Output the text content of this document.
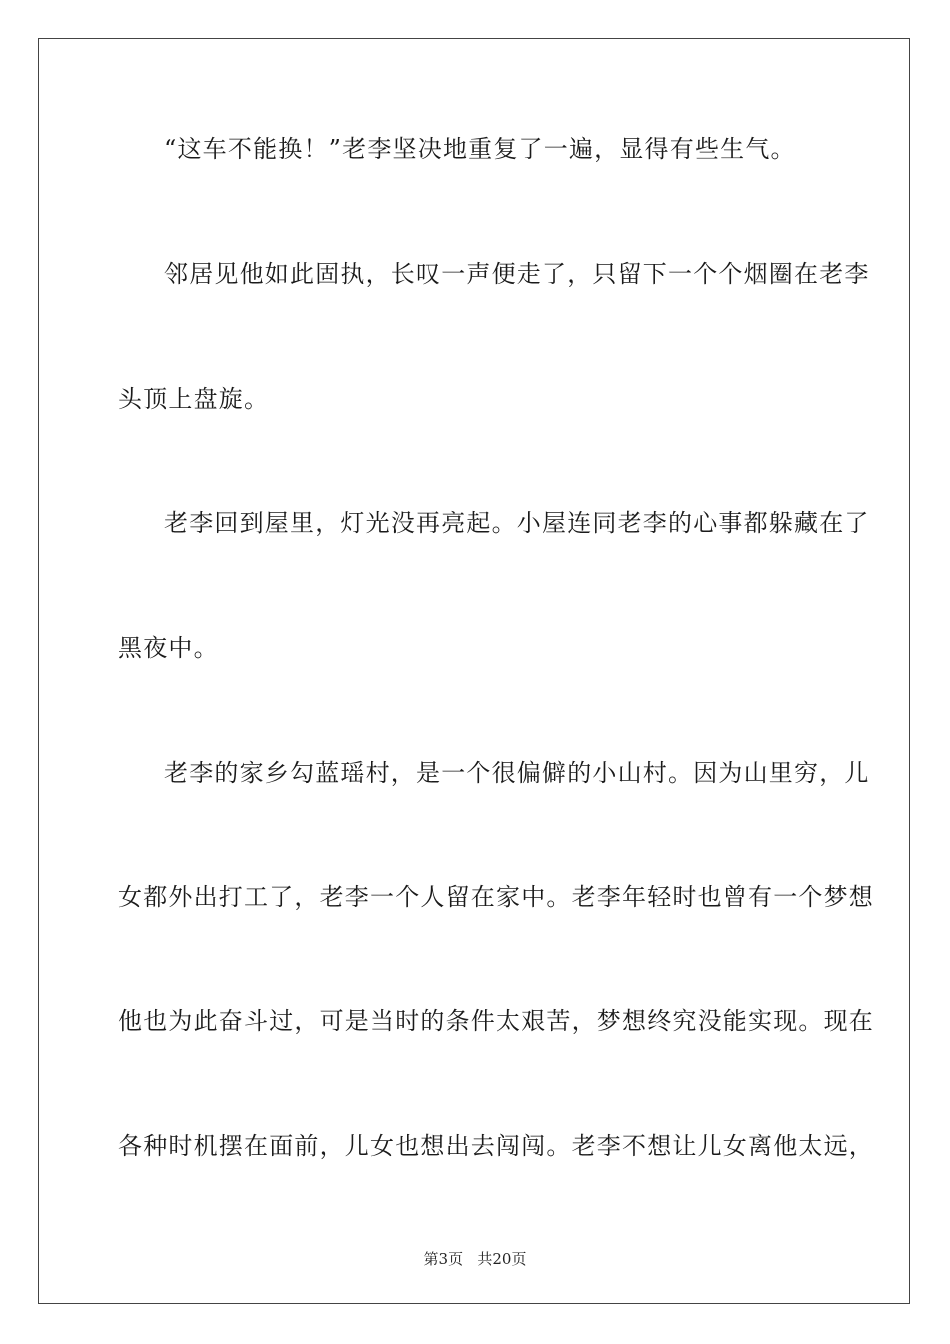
“这车不能换！”老李坚决地重复了一遍，显得有些生气。
邻居见他如此固执，长叹一声便走了，只留下一个个烟圈在老李
头顶上盘旋。
老李回到屋里，灯光没再亮起。小屋连同老李的心事都躲藏在了
黑夜中。
老李的家乡勾蓝瑶村，是一个很偏僻的小山村。因为山里穷，儿
女都外出打工了，老李一个人留在家中。老李年轻时也曾有一个梦想
他也为此奋斗过，可是当时的条件太艰苦，梦想终究没能实现。现在
各种时机摆在面前，儿女也想出去闯闯。老李不想让儿女离他太远，
第3页   共20页
